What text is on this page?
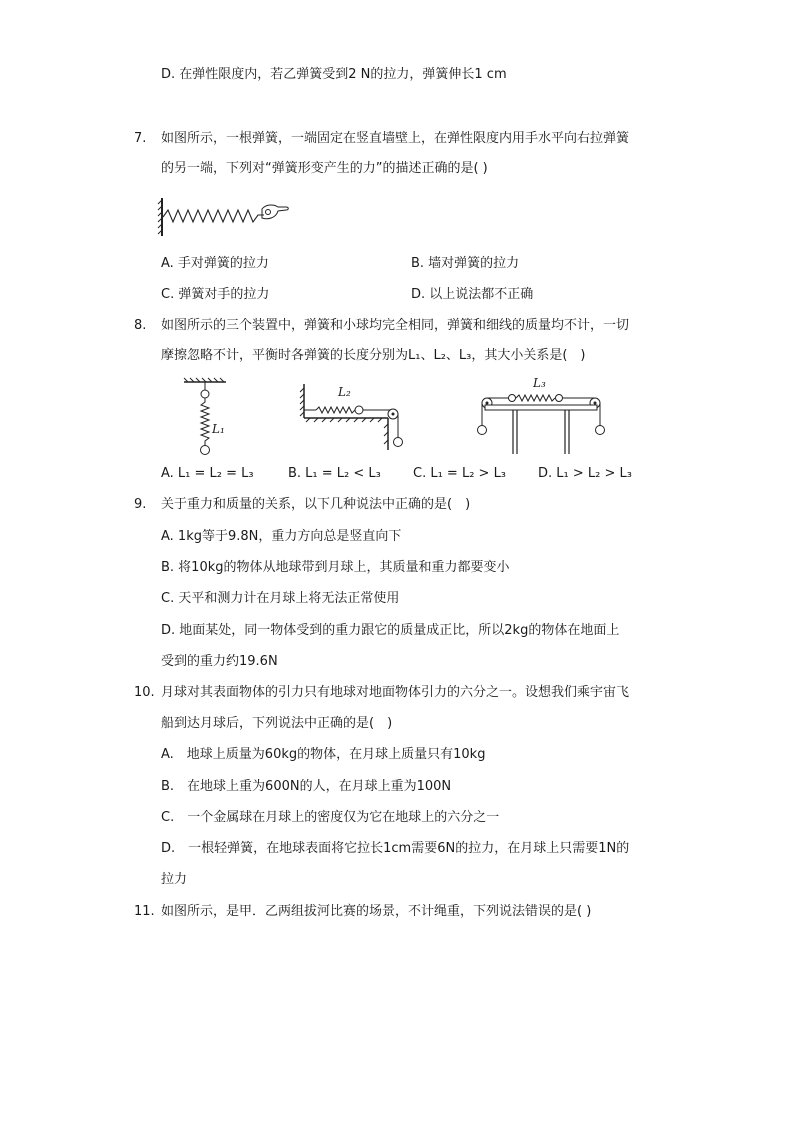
D. 在弹性限度内，若乙弹簧受到2 N的拉力，弹簧伸长1 cm
7. 如图所示，一根弹簧，一端固定在竖直墙壁上，在弹性限度内用手水平向右拉弹簧
的另一端，下列对“弹簧形变产生的力”的描述正确的是( )
A. 手对弹簧的拉力	B. 墙对弹簧的拉力
C. 弹簧对手的拉力	D. 以上说法都不正确
8. 如图所示的三个装置中，弹簧和小球均完全相同，弹簧和细线的质量均不计，一切
摩擦忽略不计，平衡时各弹簧的长度分别为L₁、L₂、L₃，其大小关系是(　)
L₁
L₂
L₃
A. L₁ = L₂ = L₃	B. L₁ = L₂ < L₃ C. L₁ = L₂ > L₃ D. L₁ > L₂ > L₃
9. 关于重力和质量的关系，以下几种说法中正确的是(　)
A. 1kg等于9.8N，重力方向总是竖直向下
B. 将10kg的物体从地球带到月球上，其质量和重力都要变小
C. 天平和测力计在月球上将无法正常使用
D. 地面某处，同一物体受到的重力跟它的质量成正比，所以2kg的物体在地面上
受到的重力约19.6N
10. 月球对其表面物体的引力只有地球对地面物体引力的六分之一。设想我们乘宇宙飞
船到达月球后，下列说法中正确的是(　)
A.　地球上质量为60kg的物体，在月球上质量只有10kg
B.　在地球上重为600N的人，在月球上重为100N
C.　一个金属球在月球上的密度仅为它在地球上的六分之一
D.　一根轻弹簧，在地球表面将它拉长1cm需要6N的拉力，在月球上只需要1N的
拉力
11. 如图所示，是甲．乙两组拔河比赛的场景，不计绳重，下列说法错误的是( )
